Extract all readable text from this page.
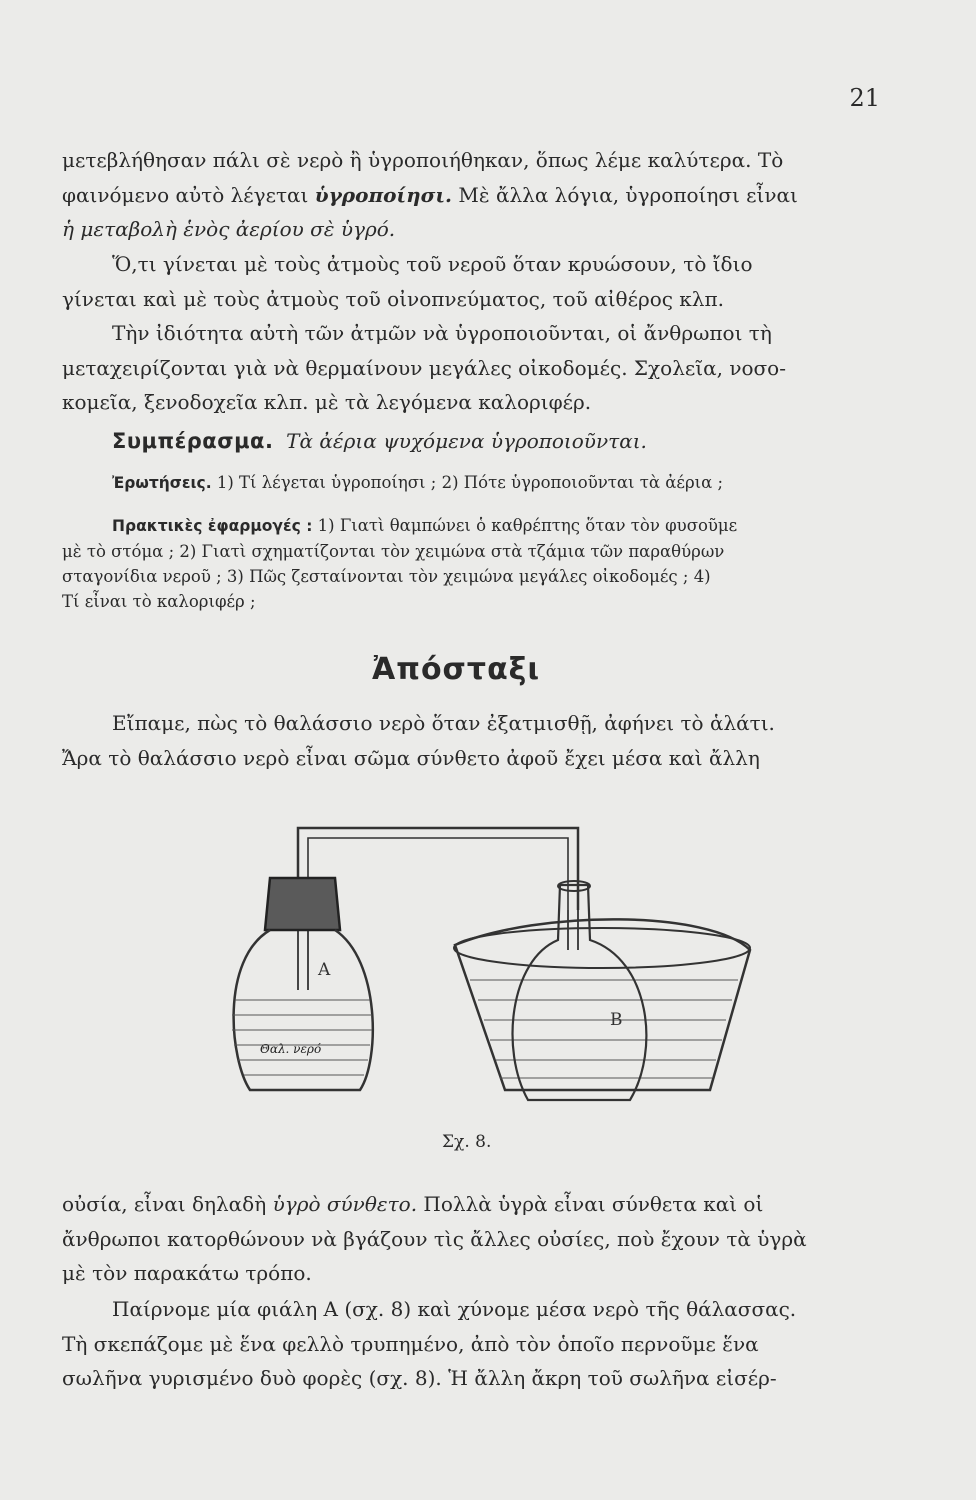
21

μετεβλήθησαν πάλι σὲ νερὸ ἢ ὑγροποιήθηκαν, ὅπως λέμε καλύτερα. Τὸ
φαινόμενο αὐτὸ λέγεται ὑγροποίησι. Μὲ ἄλλα λόγια, ὑγροποίησι εἶναι
ἡ μεταβολὴ ἑνὸς ἀερίου σὲ ὑγρό.

Ὅ,τι γίνεται μὲ τοὺς ἀτμοὺς τοῦ νεροῦ ὅταν κρυώσουν, τὸ ἴδιο
γίνεται καὶ μὲ τοὺς ἀτμοὺς τοῦ οἰνοπνεύματος, τοῦ αἰθέρος κλπ.

Τὴν ἰδιότητα αὐτὴ τῶν ἀτμῶν νὰ ὑγροποιοῦνται, οἱ ἄνθρωποι τὴ
μεταχειρίζονται γιὰ νὰ θερμαίνουν μεγάλες οἰκοδομές. Σχολεῖα, νοσο-
κομεῖα, ξενοδοχεῖα κλπ. μὲ τὰ λεγόμενα καλοριφέρ.

Συμπέρασμα. Τὰ ἀέρια ψυχόμενα ὑγροποιοῦνται.

Ἐρωτήσεις. 1) Τί λέγεται ὑγροποίησι ; 2) Πότε ὑγροποιοῦνται τὰ ἀέρια ;

Πρακτικὲς ἐφαρμογές : 1) Γιατὶ θαμπώνει ὁ καθρέπτης ὅταν τὸν φυσοῦμε
μὲ τὸ στόμα ; 2) Γιατὶ σχηματίζονται τὸν χειμώνα στὰ τζάμια τῶν παραθύρων
σταγονίδια νεροῦ ; 3) Πῶς ζεσταίνονται τὸν χειμώνα μεγάλες οἰκοδομές ; 4)
Τί εἶναι τὸ καλοριφέρ ;

Ἀπόσταξι

Εἴπαμε, πὼς τὸ θαλάσσιο νερὸ ὅταν ἐξατμισθῇ, ἀφήνει τὸ ἁλάτι.
Ἄρα τὸ θαλάσσιο νερὸ εἶναι σῶμα σύνθετο ἀφοῦ ἔχει μέσα καὶ ἄλλη

Α
Β
Θαλ. νερό
Σχ. 8.

οὐσία, εἶναι δηλαδὴ ὑγρὸ σύνθετο. Πολλὰ ὑγρὰ εἶναι σύνθετα καὶ οἱ
ἄνθρωποι κατορθώνουν νὰ βγάζουν τὶς ἄλλες οὐσίες, ποὺ ἔχουν τὰ ὑγρὰ
μὲ τὸν παρακάτω τρόπο.

Παίρνομε μία φιάλη Α (σχ. 8) καὶ χύνομε μέσα νερὸ τῆς θάλασσας.
Τὴ σκεπάζομε μὲ ἕνα φελλὸ τρυπημένο, ἀπὸ τὸν ὁποῖο περνοῦμε ἕνα
σωλῆνα γυρισμένο δυὸ φορὲς (σχ. 8). Ἡ ἄλλη ἄκρη τοῦ σωλῆνα εἰσέρ-
